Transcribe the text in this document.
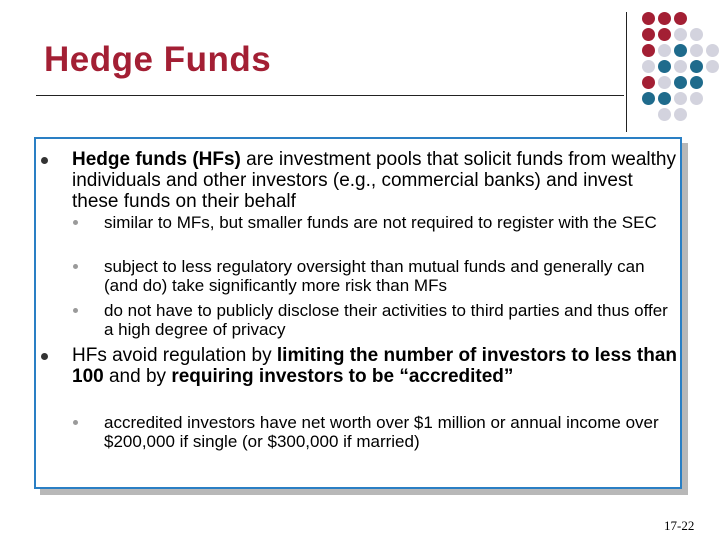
Hedge Funds
Hedge funds (HFs) are investment pools that solicit funds from wealthy individuals and other investors (e.g., commercial banks) and invest these funds on their behalf
similar to MFs, but smaller funds are not required to register with the SEC
subject to less regulatory oversight than mutual funds and generally can (and do) take significantly more risk than MFs
do not have to publicly disclose their activities to third parties and thus offer a high degree of privacy
HFs avoid regulation by limiting the number of investors to less than 100 and by requiring investors to be “accredited”
accredited investors have net worth over $1 million or annual income over $200,000 if single (or $300,000 if married)
17-22
